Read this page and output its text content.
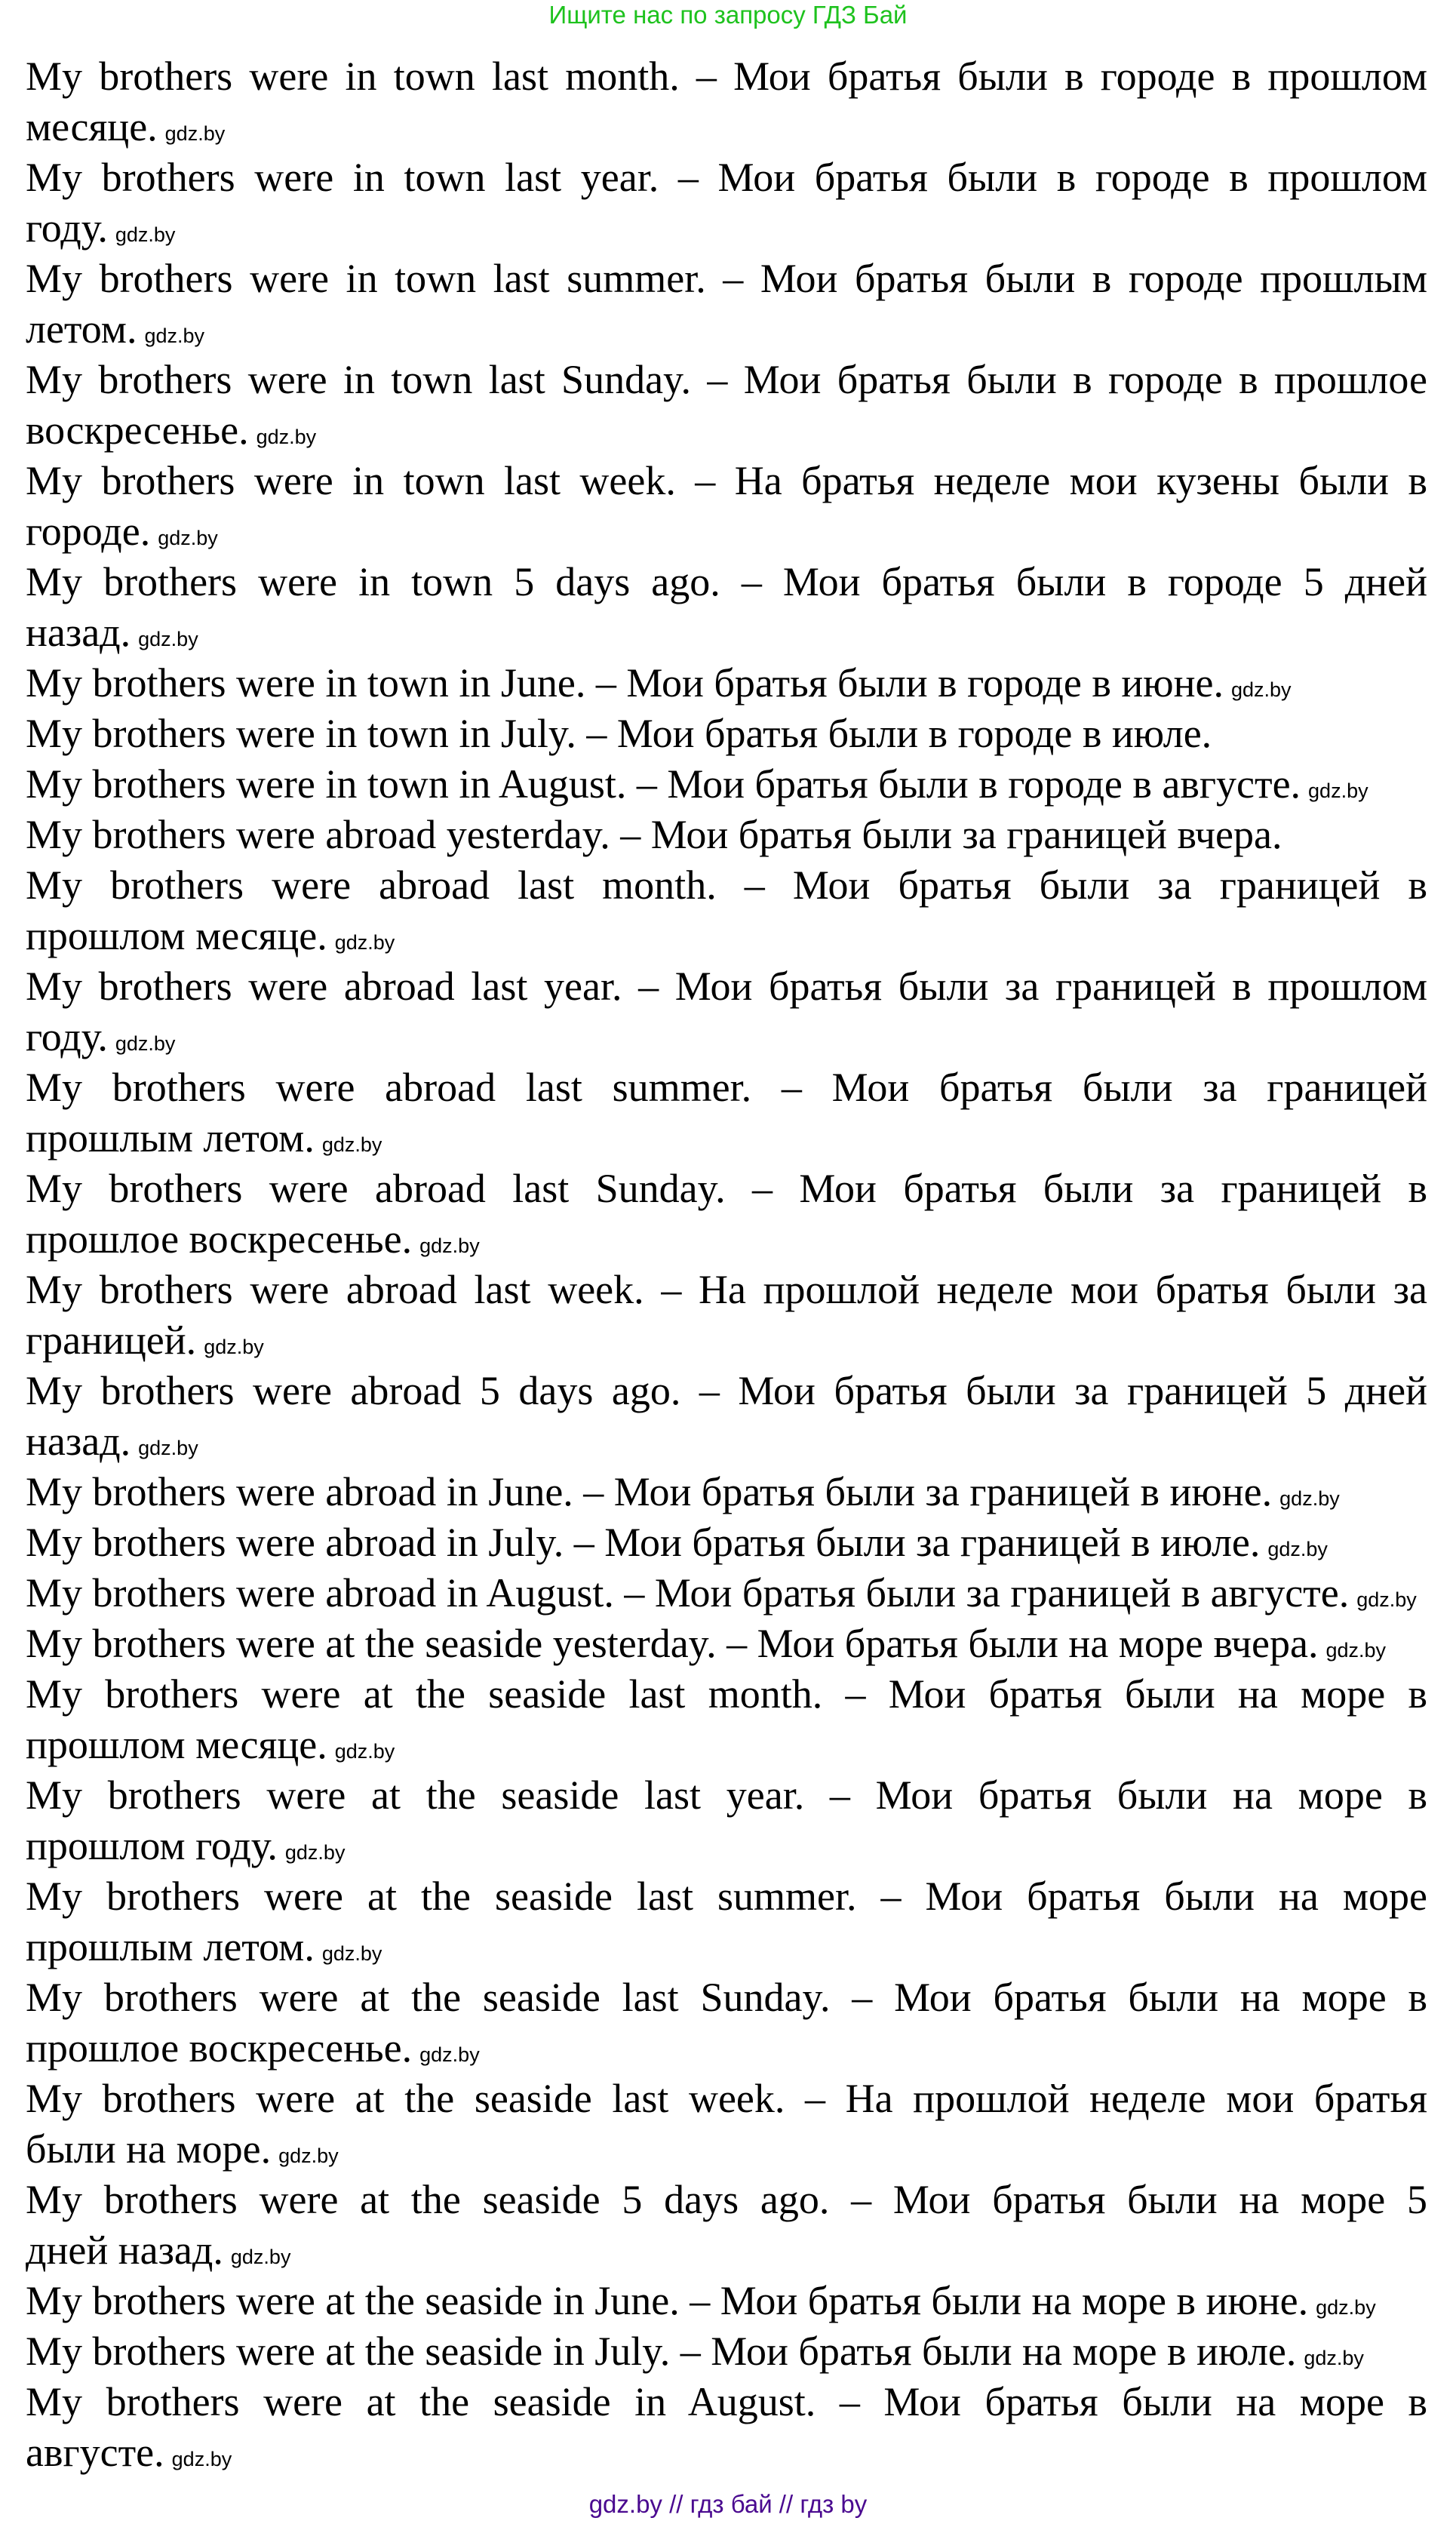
Ищите нас по запросу ГДЗ Бай
My brothers were in town last month. – Мои братья были в городе в прошлом
месяце. gdz.by
My brothers were in town last year. – Мои братья были в городе в прошлом
году. gdz.by
My brothers were in town last summer. – Мои братья были в городе прошлым
летом. gdz.by
My brothers were in town last Sunday. – Мои братья были в городе в прошлое
воскресенье. gdz.by
My brothers were in town last week. – На братья неделе мои кузены были в
городе. gdz.by
My brothers were in town 5 days ago. – Мои братья были в городе 5 дней
назад. gdz.by
My brothers were in town in June. – Мои братья были в городе в июне. gdz.by
My brothers were in town in July. – Мои братья были в городе в июле.
My brothers were in town in August. – Мои братья были в городе в августе. gdz.by
My brothers were abroad yesterday. – Мои братья были за границей вчера.
My brothers were abroad last month. – Мои братья были за границей в
прошлом месяце. gdz.by
My brothers were abroad last year. – Мои братья были за границей в прошлом
году. gdz.by
My brothers were abroad last summer. – Мои братья были за границей
прошлым летом. gdz.by
My brothers were abroad last Sunday. – Мои братья были за границей в
прошлое воскресенье. gdz.by
My brothers were abroad last week. – На прошлой неделе мои братья были за
границей. gdz.by
My brothers were abroad 5 days ago. – Мои братья были за границей 5 дней
назад. gdz.by
My brothers were abroad in June. – Мои братья были за границей в июне. gdz.by
My brothers were abroad in July. – Мои братья были за границей в июле. gdz.by
My brothers were abroad in August. – Мои братья были за границей в августе. gdz.by
My brothers were at the seaside yesterday. – Мои братья были на море вчера. gdz.by
My brothers were at the seaside last month. – Мои братья были на море в
прошлом месяце. gdz.by
My brothers were at the seaside last year. – Мои братья были на море в
прошлом году. gdz.by
My brothers were at the seaside last summer. – Мои братья были на море
прошлым летом. gdz.by
My brothers were at the seaside last Sunday. – Мои братья были на море в
прошлое воскресенье. gdz.by
My brothers were at the seaside last week. – На прошлой неделе мои братья
были на море. gdz.by
My brothers were at the seaside 5 days ago. – Мои братья были на море 5
дней назад. gdz.by
My brothers were at the seaside in June. – Мои братья были на море в июне. gdz.by
My brothers were at the seaside in July. – Мои братья были на море в июле. gdz.by
My brothers were at the seaside in August. – Мои братья были на море в
августе. gdz.by
gdz.by // гдз бай // гдз by
